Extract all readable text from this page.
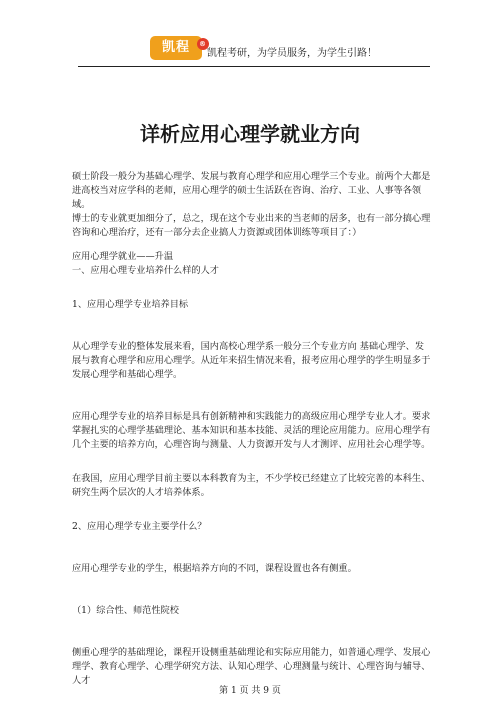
凯程 ®
凯程考研，为学员服务，为学生引路！
详析应用心理学就业方向

硕士阶段一般分为基础心理学、发展与教育心理学和应用心理学三个专业。前两个大都是进高校当对应学科的老师，应用心理学的硕士生活跃在咨询、治疗、工业、人事等各领域。

博士的专业就更加细分了，总之，现在这个专业出来的当老师的居多，也有一部分搞心理咨询和心理治疗，还有一部分去企业搞人力资源或团体训练等项目了：）

应用心理学就业——升温

一、应用心理专业培养什么样的人才

1、应用心理学专业培养目标

从心理学专业的整体发展来看，国内高校心理学系一般分三个专业方向 基础心理学、发展与教育心理学和应用心理学。从近年来招生情况来看，报考应用心理学的学生明显多于发展心理学和基础心理学。

应用心理学专业的培养目标是具有创新精神和实践能力的高级应用心理学专业人才。要求掌握扎实的心理学基础理论、基本知识和基本技能、灵活的理论应用能力。应用心理学有几个主要的培养方向，心理咨询与测量、人力资源开发与人才测评、应用社会心理学等。

在我国，应用心理学目前主要以本科教育为主，不少学校已经建立了比较完善的本科生、研究生两个层次的人才培养体系。

2、应用心理学专业主要学什么？

应用心理学专业的学生，根据培养方向的不同，课程设置也各有侧重。

（1）综合性、师范性院校

侧重心理学的基础理论，课程开设侧重基础理论和实际应用能力，如普通心理学、发展心理学、教育心理学、心理学研究方法、认知心理学、心理测量与统计、心理咨询与辅导、人才

第 1 页 共 9 页
